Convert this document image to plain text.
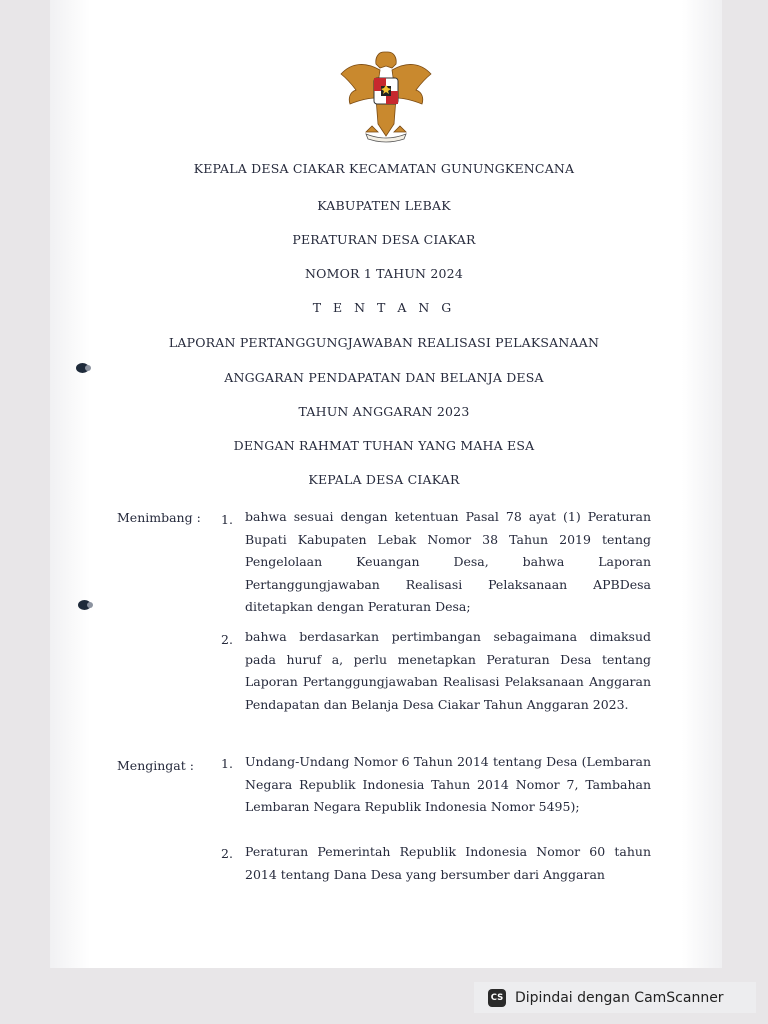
KEPALA DESA CIAKAR KECAMATAN GUNUNGKENCANA
KABUPATEN LEBAK
PERATURAN DESA CIAKAR
NOMOR 1 TAHUN 2024
T E N T A N G
LAPORAN PERTANGGUNGJAWABAN REALISASI PELAKSANAAN
ANGGARAN PENDAPATAN DAN BELANJA DESA
TAHUN ANGGARAN 2023
DENGAN RAHMAT TUHAN YANG MAHA ESA
KEPALA DESA CIAKAR
Menimbang : 1. bahwa sesuai dengan ketentuan Pasal 78 ayat (1) Peraturan Bupati Kabupaten Lebak Nomor 38 Tahun 2019 tentang Pengelolaan Keuangan Desa, bahwa Laporan Pertanggungjawaban Realisasi Pelaksanaan APBDesa ditetapkan dengan Peraturan Desa;
2. bahwa berdasarkan pertimbangan sebagaimana dimaksud pada huruf a, perlu menetapkan Peraturan Desa tentang Laporan Pertanggungjawaban Realisasi Pelaksanaan Anggaran Pendapatan dan Belanja Desa Ciakar Tahun Anggaran 2023.
Mengingat : 1. Undang-Undang Nomor 6 Tahun 2014 tentang Desa (Lembaran Negara Republik Indonesia Tahun 2014 Nomor 7, Tambahan Lembaran Negara Republik Indonesia Nomor 5495);
2. Peraturan Pemerintah Republik Indonesia Nomor 60 tahun 2014 tentang Dana Desa yang bersumber dari Anggaran
CS Dipindai dengan CamScanner
